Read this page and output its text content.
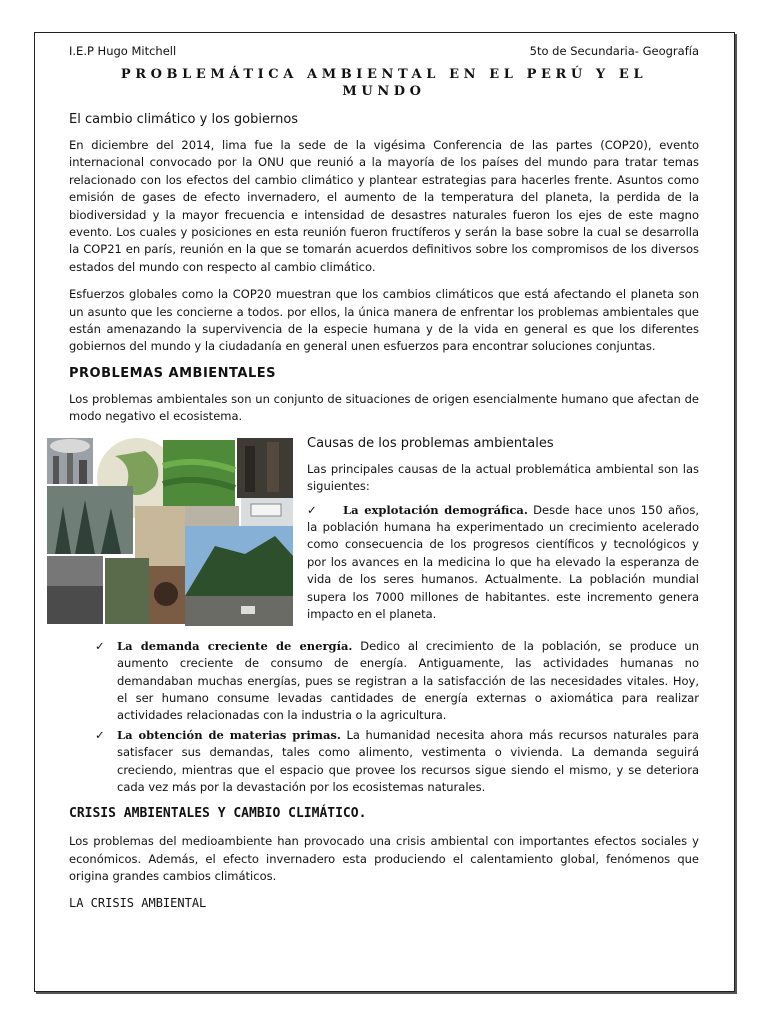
I.E.P Hugo Mitchell	5to de Secundaria- Geografía
PROBLEMÁTICA AMBIENTAL EN EL PERÚ Y EL
MUNDO
El cambio climático y los gobiernos

En diciembre del 2014, lima fue la sede de la vigésima Conferencia de las partes (COP20), evento internacional convocado por la ONU que reunió a la mayoría de los países del mundo para tratar temas relacionado con los efectos del cambio climático y plantear estrategias para hacerles frente. Asuntos como emisión de gases de efecto invernadero, el aumento de la temperatura del planeta, la perdida de la biodiversidad y la mayor frecuencia e intensidad de desastres naturales fueron los ejes de este magno evento. Los cuales y posiciones en esta reunión fueron fructíferos y serán la base sobre la cual se desarrolla la COP21 en parís, reunión en la que se tomarán acuerdos definitivos sobre los compromisos de los diversos estados del mundo con respecto al cambio climático.

Esfuerzos globales como la COP20 muestran que los cambios climáticos que está afectando el planeta son un asunto que les concierne a todos. por ellos, la única manera de enfrentar los problemas ambientales que están amenazando la supervivencia de la especie humana y de la vida en general es que los diferentes gobiernos del mundo y la ciudadanía en general unen esfuerzos para encontrar soluciones conjuntas.

PROBLEMAS AMBIENTALES

Los problemas ambientales son un conjunto de situaciones de origen esencialmente humano que afectan de modo negativo el ecosistema.

Causas de los problemas ambientales

Las principales causas de la actual problemática ambiental son las siguientes:

✓ La explotación demográfica. Desde hace unos 150 años, la población humana ha experimentado un crecimiento acelerado como consecuencia de los progresos científicos y tecnológicos y por los avances en la medicina lo que ha elevado la esperanza de vida de los seres humanos. Actualmente. La población mundial supera los 7000 millones de habitantes. este incremento genera impacto en el planeta.

✓ La demanda creciente de energía. Dedico al crecimiento de la población, se produce un aumento creciente de consumo de energía. Antiguamente, las actividades humanas no demandaban muchas energías, pues se registran a la satisfacción de las necesidades vitales. Hoy, el ser humano consume levadas cantidades de energía externas o axiomática para realizar actividades relacionadas con la industria o la agricultura.
✓ La obtención de materias primas. La humanidad necesita ahora más recursos naturales para satisfacer sus demandas, tales como alimento, vestimenta o vivienda. La demanda seguirá creciendo, mientras que el espacio que provee los recursos sigue siendo el mismo, y se deteriora cada vez más por la devastación por los ecosistemas naturales.
CRISIS AMBIENTALES Y CAMBIO CLIMÁTICO.

Los problemas del medioambiente han provocado una crisis ambiental con importantes efectos sociales y económicos. Además, el efecto invernadero esta produciendo el calentamiento global, fenómenos que origina grandes cambios climáticos.

LA CRISIS AMBIENTAL
